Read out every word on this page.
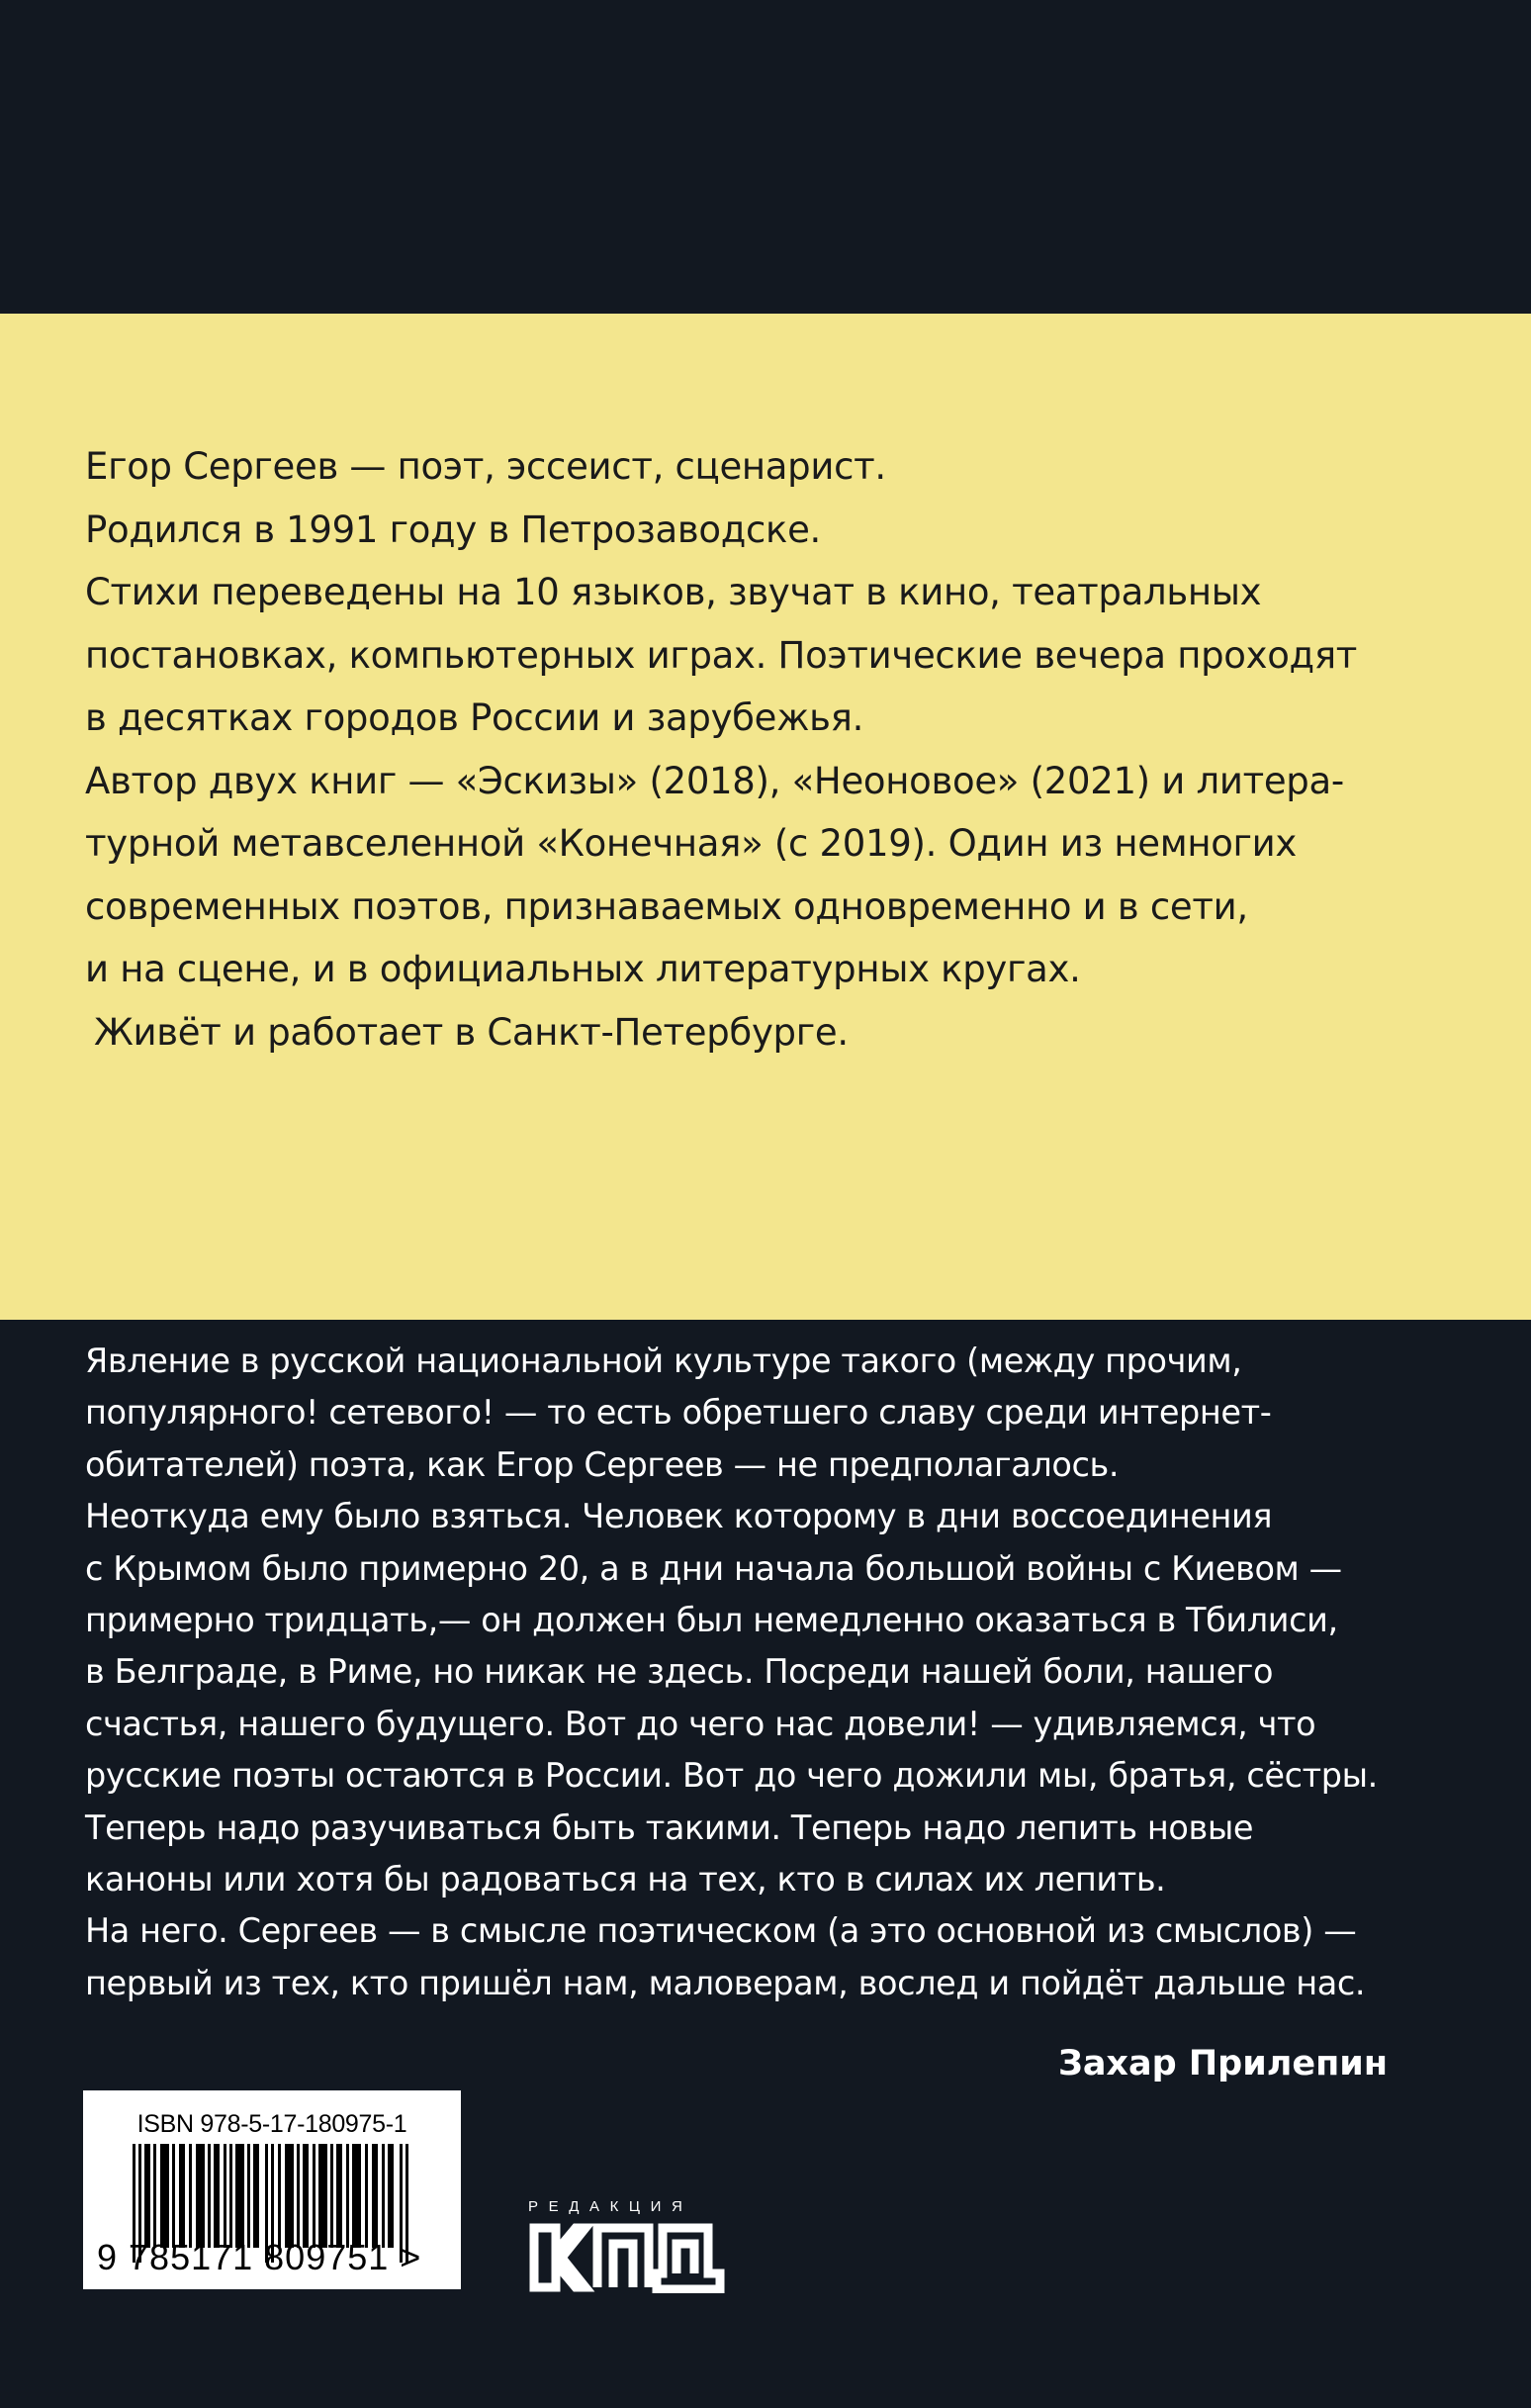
Егор Сергеев — поэт, эссеист, сценарист.
Родился в 1991 году в Петрозаводске.
Стихи переведены на 10 языков, звучат в кино, театральных
постановках, компьютерных играх. Поэтические вечера проходят
в десятках городов России и зарубежья.
Автор двух книг — «Эскизы» (2018), «Неоновое» (2021) и литера-
турной метавселенной «Конечная» (с 2019). Один из немногих
современных поэтов, признаваемых одновременно и в сети,
и на сцене, и в официальных литературных кругах.
Живёт и работает в Санкт-Петербурге.
Явление в русской национальной культуре такого (между прочим,
популярного! сетевого! — то есть обретшего славу среди интернет-
обитателей) поэта, как Егор Сергеев — не предполагалось.
Неоткуда ему было взяться. Человек которому в дни воссоединения
с Крымом было примерно 20, а в дни начала большой войны с Киевом —
примерно тридцать,— он должен был немедленно оказаться в Тбилиси,
в Белграде, в Риме, но никак не здесь. Посреди нашей боли, нашего
счастья, нашего будущего. Вот до чего нас довели! — удивляемся, что
русские поэты остаются в России. Вот до чего дожили мы, братья, сёстры.
Теперь надо разучиваться быть такими. Теперь надо лепить новые
каноны или хотя бы радоваться на тех, кто в силах их лепить.
На него. Сергеев — в смысле поэтическом (а это основной из смыслов) —
первый из тех, кто пришёл нам, маловерам, вослед и пойдёт дальше нас.
Захар Прилепин
ISBN 978-5-17-180975-1
9 785171 809751 >
РЕДАКЦИЯ
